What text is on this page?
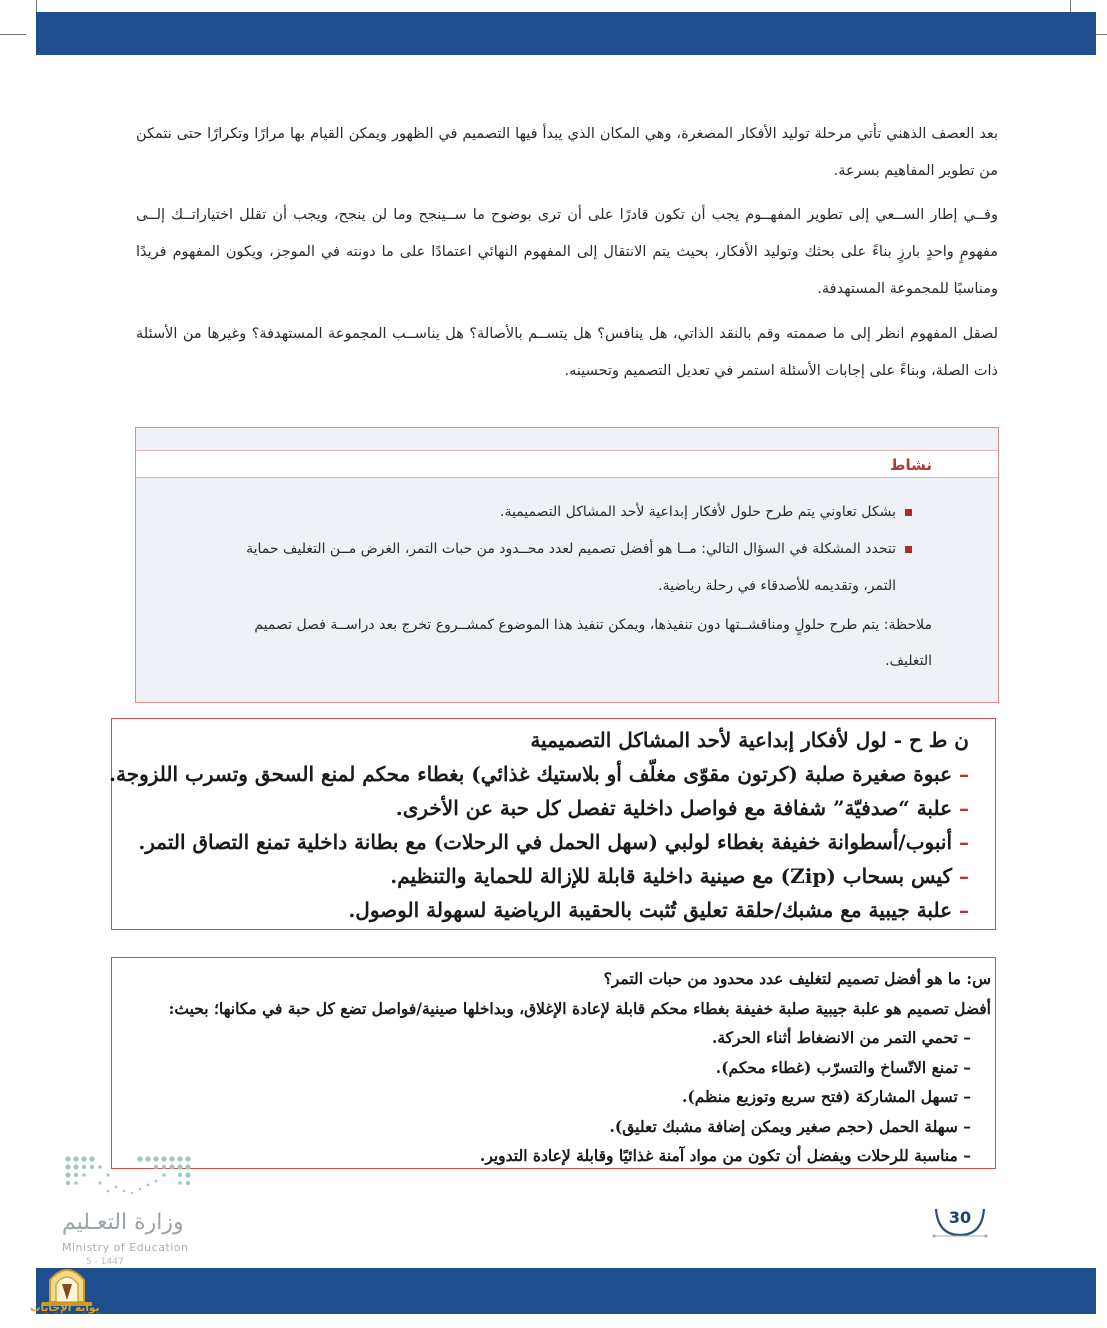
بعد العصف الذهني تأتي مرحلة توليد الأفكار المصغرة، وهي المكان الذي يبدأ فيها التصميم في الظهور ويمكن القيام بها مرارًا وتكرارًا حتى نتمكن من تطوير المفاهيم بسرعة.

وفــي إطار الســعي إلى تطوير المفهــوم يجب أن تكون قادرًا على أن ترى بوضوح ما ســينجح وما لن ينجح، ويجب أن تقلل اختياراتــك إلــى مفهومٍ واحدٍ بارزٍ بناءً على بحثك وتوليد الأفكار، بحيث يتم الانتقال إلى المفهوم النهائي اعتمادًا على ما دونته في الموجز، ويكون المفهوم فريدًا ومناسبًا للمجموعة المستهدفة.

لصقل المفهوم انظر إلى ما صممته وقم بالنقد الذاتي، هل ينافس؟ هل يتســم بالأصالة؟ هل يناســب المجموعة المستهدفة؟ وغيرها من الأسئلة ذات الصلة، وبناءً على إجابات الأسئلة استمر في تعديل التصميم وتحسينه.

نشاط

بشكل تعاوني يتم طرح حلول لأفكار إبداعية لأحد المشاكل التصميمية.

تتحدد المشكلة في السؤال التالي: مــا هو أفضل تصميم لعدد محــدود من حبات التمر، الغرض مــن التغليف حماية التمر، وتقديمه للأصدقاء في رحلة رياضية.

ملاحظة: يتم طرح حلولٍ ومناقشــتها دون تنفيذها، ويمكن تنفيذ هذا الموضوع كمشــروع تخرج بعد دراســة فصل تصميم التغليف.

ن ط ح - لول لأفكار إبداعية لأحد المشاكل التصميمية

– عبوة صغيرة صلبة (كرتون مقوّى مغلّف أو بلاستيك غذائي) بغطاء محكم لمنع السحق وتسرب اللزوجة.

– علبة “صدفيّة” شفافة مع فواصل داخلية تفصل كل حبة عن الأخرى.

– أنبوب/أسطوانة خفيفة بغطاء لولبي (سهل الحمل في الرحلات) مع بطانة داخلية تمنع التصاق التمر.

– كيس بسحاب (Zip) مع صينية داخلية قابلة للإزالة للحماية والتنظيم.

– علبة جيبية مع مشبك/حلقة تعليق تُثبت بالحقيبة الرياضية لسهولة الوصول.

س: ما هو أفضل تصميم لتغليف عدد محدود من حبات التمر؟

أفضل تصميم هو علبة جيبية صلبة خفيفة بغطاء محكم قابلة لإعادة الإغلاق، وبداخلها صينية/فواصل تضع كل حبة في مكانها؛ بحيث:

– تحمي التمر من الانضغاط أثناء الحركة.

– تمنع الاتّساخ والتسرّب (غطاء محكم).

– تسهل المشاركة (فتح سريع وتوزيع منظم).

– سهلة الحمل (حجم صغير ويمكن إضافة مشبك تعليق).

– مناسبة للرحلات ويفضل أن تكون من مواد آمنة غذائيًا وقابلة لإعادة التدوير.

وزارة التعـليم
Ministry of Education
5 - 1447
30
بوابة الإجابات
